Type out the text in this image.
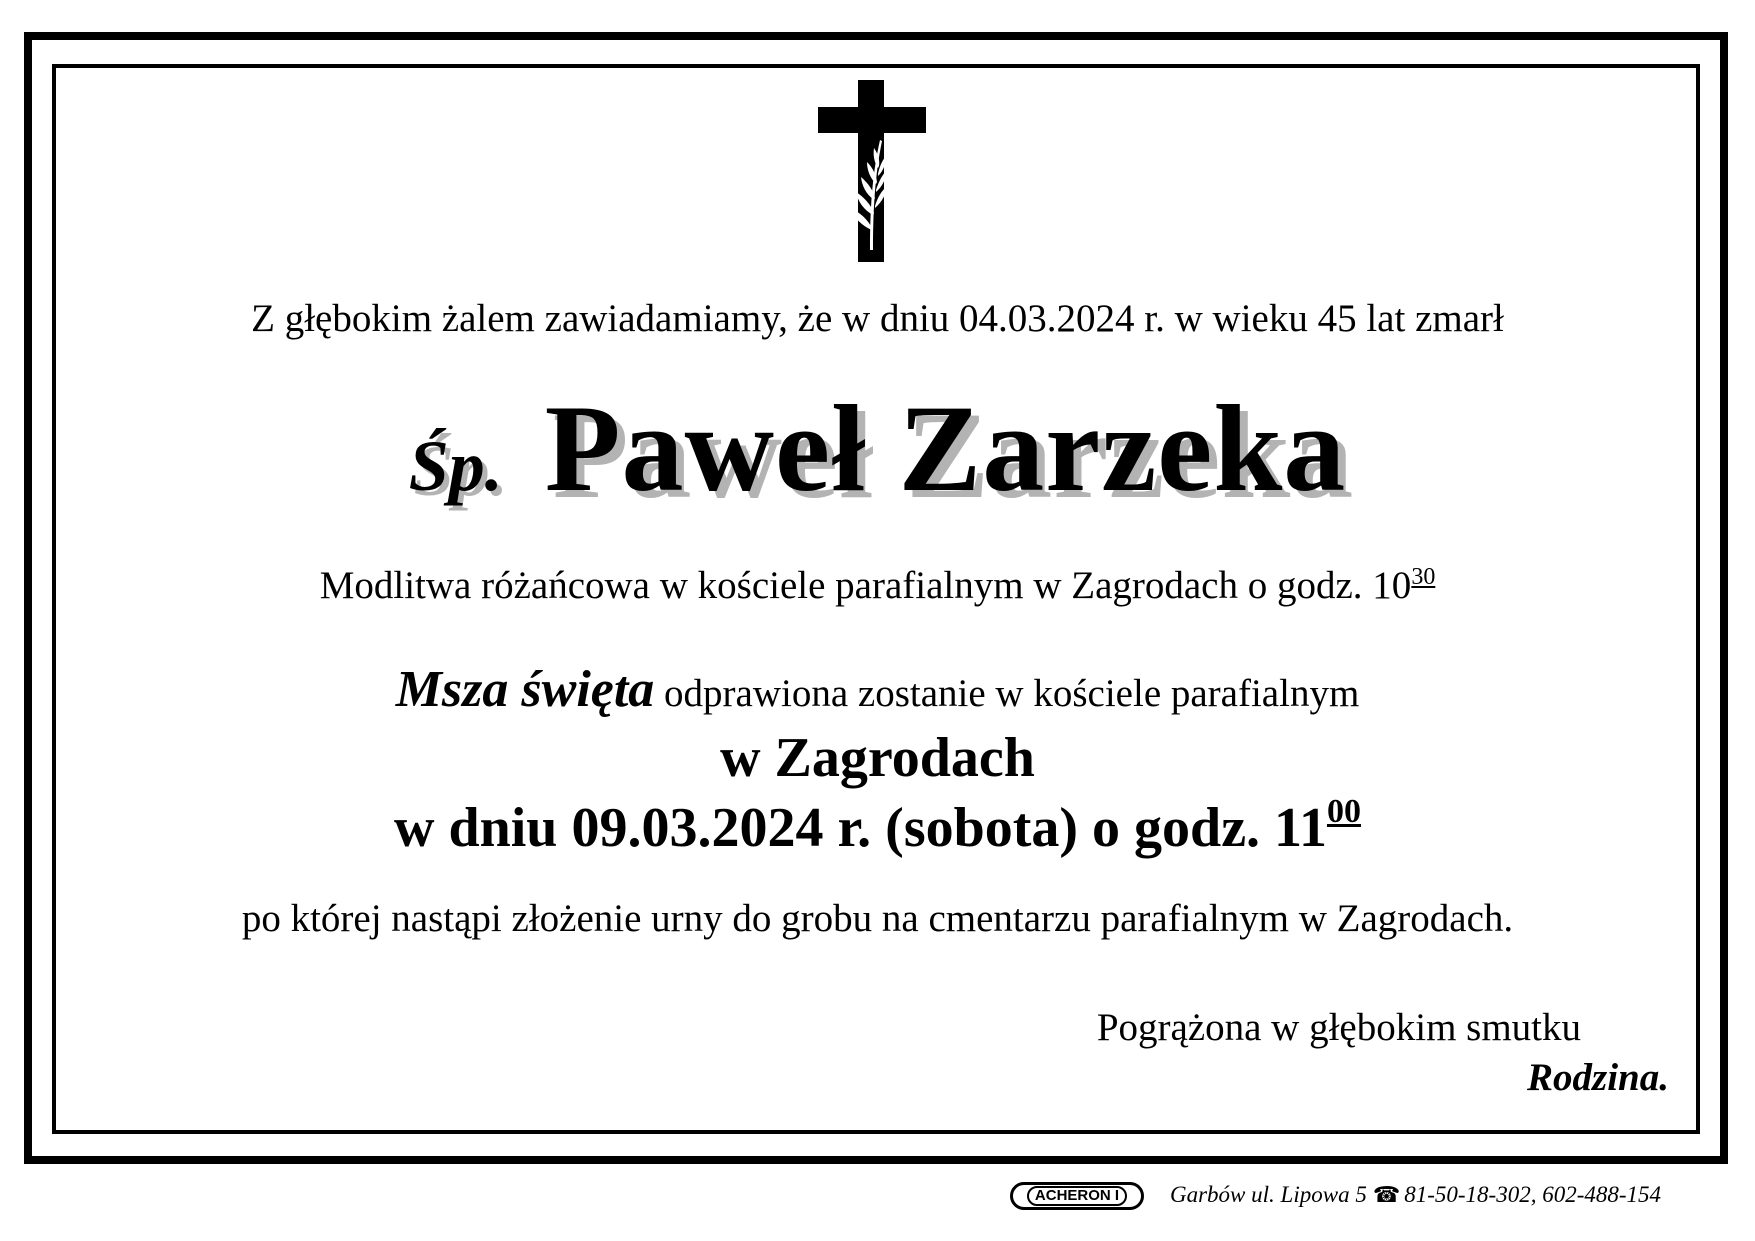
Z głębokim żalem zawiadamiamy, że w dniu 04.03.2024 r. w wieku 45 lat zmarł
Śp. Paweł Zarzeka
Modlitwa różańcowa w kościele parafialnym w Zagrodach o godz. $10^{30}$
Msza święta odprawiona zostanie w kościele parafialnym
w Zagrodach
w dniu 09.03.2024 r. (sobota) o godz. $11^{00}$
po której nastąpi złożenie urny do grobu na cmentarzu parafialnym w Zagrodach.
Pogrążona w głębokim smutku
Rodzina.
ACHERON I	Garbów ul. Lipowa 5 ☎ 81-50-18-302, 602-488-154
